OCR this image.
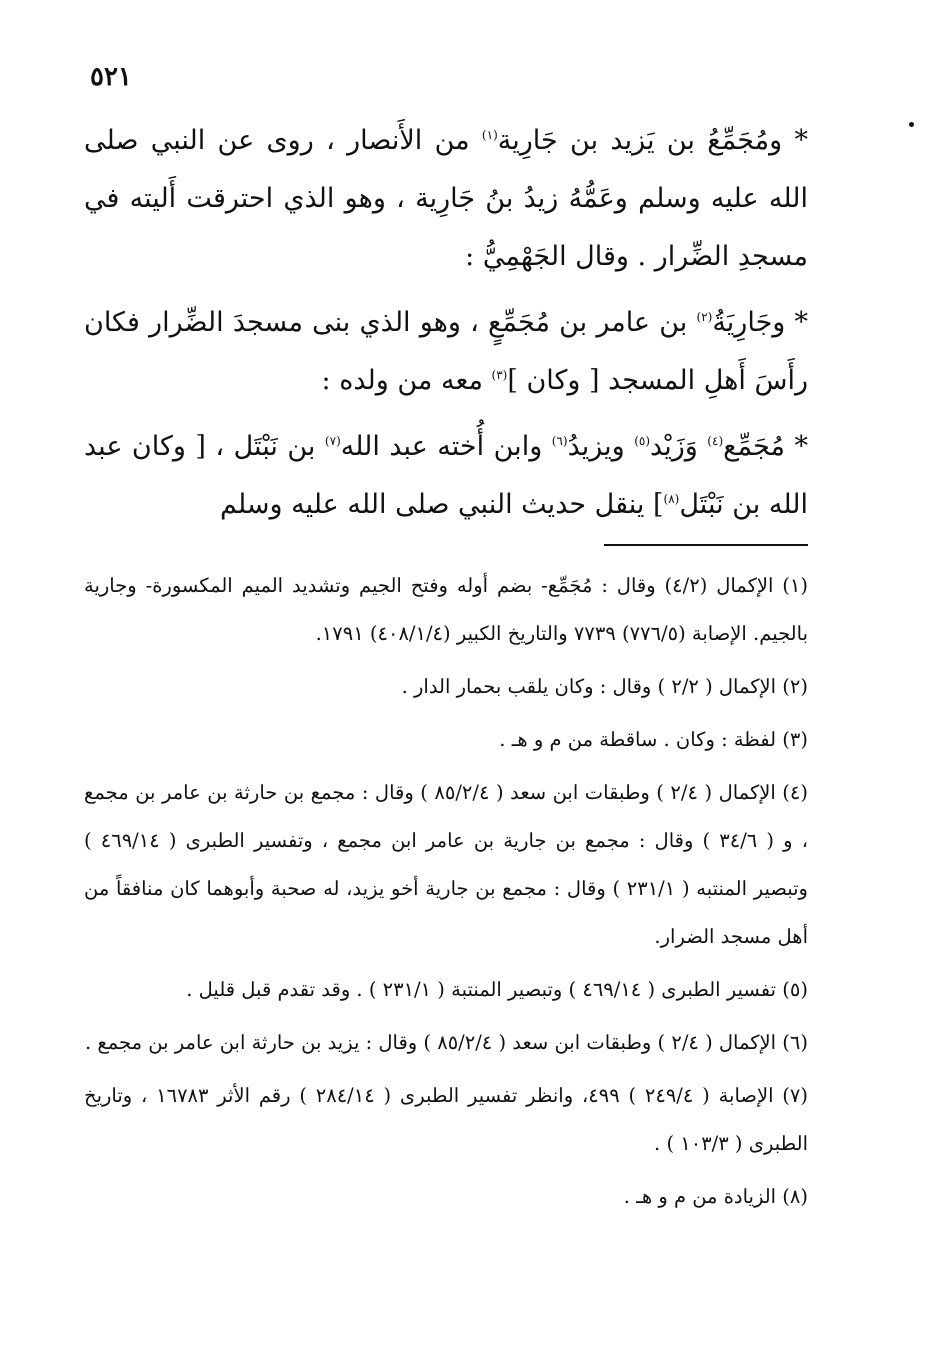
٥٢١

* ومُجَمِّعُ بن يَزيد بن جَارِية$^{(١)}$ من الأَنصار ، روى عن النبي صلى الله عليه وسلم وعَمُّهُ زيدُ بنُ جَارِية ، وهو الذي احترقت أَليته في مسجدِ الضِّرار . وقال الجَهْمِيُّ :

* وجَارِيَةُ$^{(٢)}$ بن عامر بن مُجَمِّعٍ ، وهو الذي بنى مسجدَ الضِّرار فكان رأَسَ أَهلِ المسجد [ وكان ]$^{(٣)}$ معه من ولده :

* مُجَمِّع$^{(٤)}$ وَزَيْد$^{(٥)}$ ويزيدُ$^{(٦)}$ وابن أُخته عبد الله$^{(٧)}$ بن نَبْتَل ، [ وكان عبد الله بن نَبْتَل$^{(٨)}$] ينقل حديث النبي صلى الله عليه وسلم

(١) الإكمال (٤/٢) وقال : مُجَمِّع- بضم أوله وفتح الجيم وتشديد الميم المكسورة- وجارية بالجيم. الإصابة (٧٧٦/٥) ٧٧٣٩ والتاريخ الكبير (٤٠٨/١/٤) ١٧٩١.

(٢) الإكمال ( ٢/٢ ) وقال : وكان يلقب بحمار الدار .

(٣) لفظة : وكان . ساقطة من م و هـ .

(٤) الإكمال ( ٢/٤ ) وطبقات ابن سعد ( ٨٥/٢/٤ ) وقال : مجمع بن حارثة بن عامر بن مجمع ، و ( ٣٤/٦ ) وقال : مجمع بن جارية بن عامر ابن مجمع ، وتفسير الطبرى ( ٤٦٩/١٤ ) وتبصير المنتبه ( ٢٣١/١ ) وقال : مجمع بن جارية أخو يزيد، له صحبة وأبوهما كان منافقاً من أهل مسجد الضرار.

(٥) تفسير الطبرى ( ٤٦٩/١٤ ) وتبصير المنتبة ( ٢٣١/١ ) . وقد تقدم قبل قليل .

(٦) الإكمال ( ٢/٤ ) وطبقات ابن سعد ( ٨٥/٢/٤ ) وقال : يزيد بن حارثة ابن عامر بن مجمع .

(٧) الإصابة ( ٢٤٩/٤ ) ٤٩٩، وانظر تفسير الطبرى ( ٢٨٤/١٤ ) رقم الأثر ١٦٧٨٣ ، وتاريخ الطبرى ( ١٠٣/٣ ) .

(٨) الزيادة من م و هـ .
